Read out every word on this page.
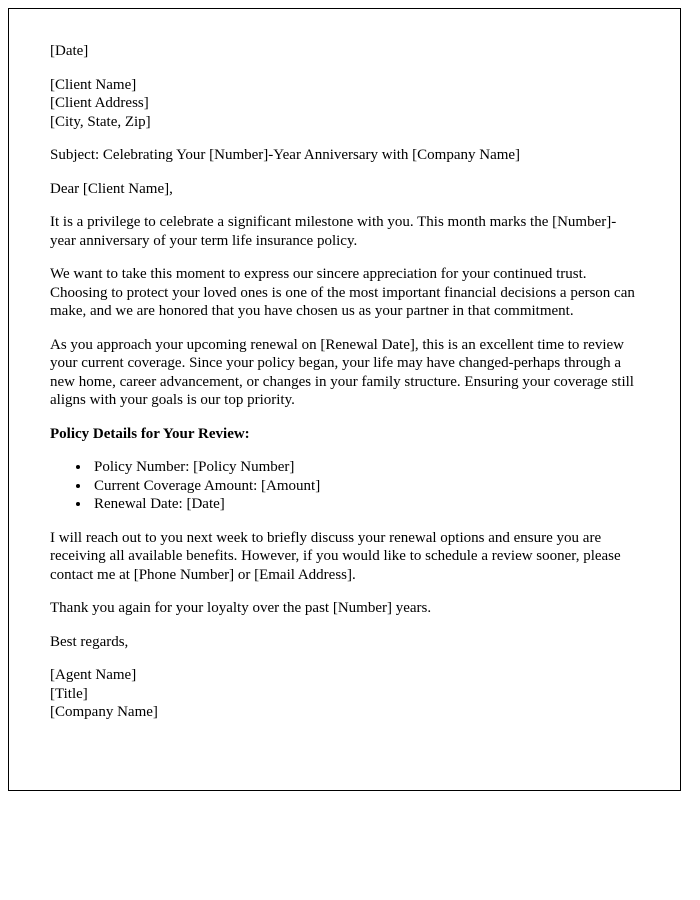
[Date]

[Client Name]
[Client Address]
[City, State, Zip]

Subject: Celebrating Your [Number]-Year Anniversary with [Company Name]

Dear [Client Name],

It is a privilege to celebrate a significant milestone with you. This month marks the [Number]-year anniversary of your term life insurance policy.

We want to take this moment to express our sincere appreciation for your continued trust. Choosing to protect your loved ones is one of the most important financial decisions a person can make, and we are honored that you have chosen us as your partner in that commitment.

As you approach your upcoming renewal on [Renewal Date], this is an excellent time to review your current coverage. Since your policy began, your life may have changed-perhaps through a new home, career advancement, or changes in your family structure. Ensuring your coverage still aligns with your goals is our top priority.

Policy Details for Your Review:

• Policy Number: [Policy Number]
• Current Coverage Amount: [Amount]
• Renewal Date: [Date]

I will reach out to you next week to briefly discuss your renewal options and ensure you are receiving all available benefits. However, if you would like to schedule a review sooner, please contact me at [Phone Number] or [Email Address].

Thank you again for your loyalty over the past [Number] years.

Best regards,

[Agent Name]
[Title]
[Company Name]
